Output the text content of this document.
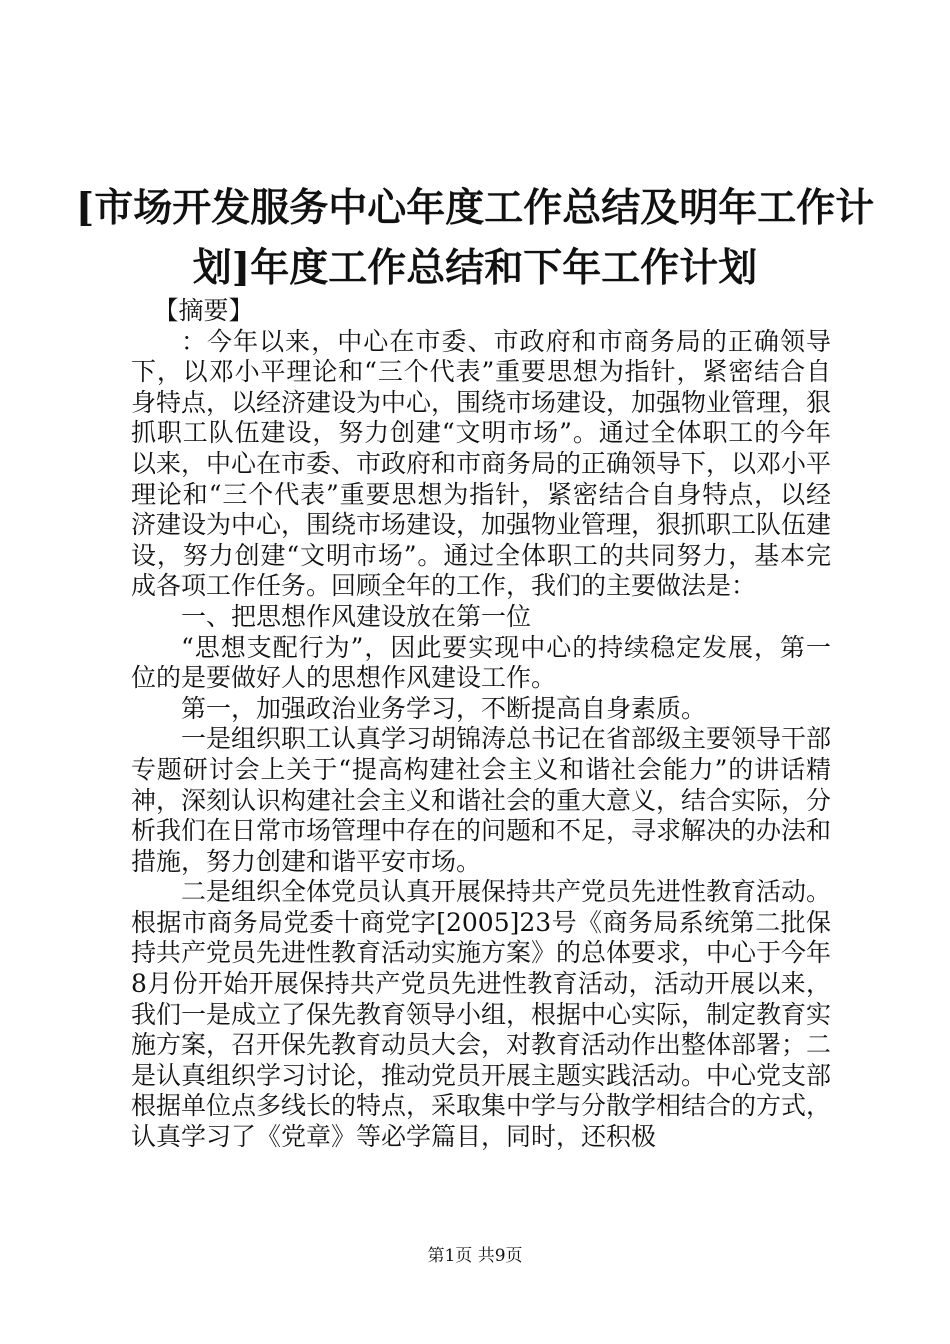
[市场开发服务中心年度工作总结及明年工作计划]年度工作总结和下年工作计划

【摘要】

：今年以来，中心在市委、市政府和市商务局的正确领导下，以邓小平理论和“三个代表”重要思想为指针，紧密结合自身特点，以经济建设为中心，围绕市场建设，加强物业管理，狠抓职工队伍建设，努力创建“文明市场”。通过全体职工的今年以来，中心在市委、市政府和市商务局的正确领导下，以邓小平理论和“三个代表”重要思想为指针，紧密结合自身特点，以经济建设为中心，围绕市场建设，加强物业管理，狠抓职工队伍建设，努力创建“文明市场”。通过全体职工的共同努力，基本完成各项工作任务。回顾全年的工作，我们的主要做法是：

一、把思想作风建设放在第一位

“思想支配行为”，因此要实现中心的持续稳定发展，第一位的是要做好人的思想作风建设工作。

第一，加强政治业务学习，不断提高自身素质。

一是组织职工认真学习胡锦涛总书记在省部级主要领导干部专题研讨会上关于“提高构建社会主义和谐社会能力”的讲话精神，深刻认识构建社会主义和谐社会的重大意义，结合实际，分析我们在日常市场管理中存在的问题和不足，寻求解决的办法和措施，努力创建和谐平安市场。

二是组织全体党员认真开展保持共产党员先进性教育活动。根据市商务局党委十商党字[2005]23号《商务局系统第二批保持共产党员先进性教育活动实施方案》的总体要求，中心于今年8月份开始开展保持共产党员先进性教育活动，活动开展以来，我们一是成立了保先教育领导小组，根据中心实际，制定教育实施方案，召开保先教育动员大会，对教育活动作出整体部署；二是认真组织学习讨论，推动党员开展主题实践活动。中心党支部根据单位点多线长的特点，采取集中学与分散学相结合的方式，认真学习了《党章》等必学篇目，同时，还积极

第1页 共9页
